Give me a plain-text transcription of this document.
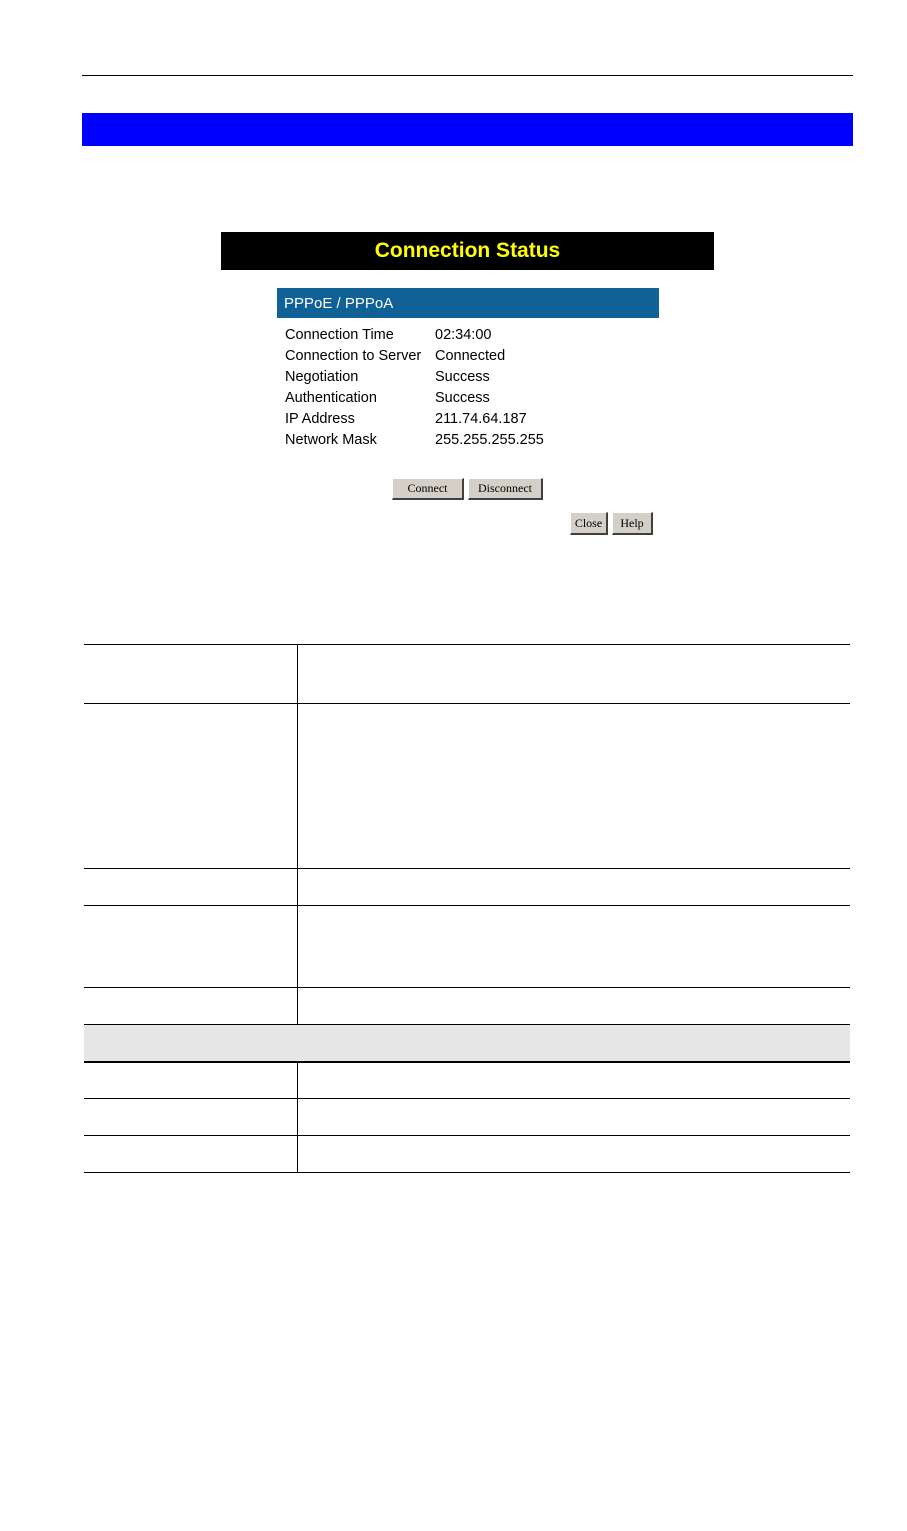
Connection Status
PPPoE / PPPoA
Connection Time	02:34:00
Connection to Server Connected
Negotiation	Success
Authentication	Success
IP Address	211.74.64.187
Network Mask	255.255.255.255
Connect	Disconnect
Close	Help
